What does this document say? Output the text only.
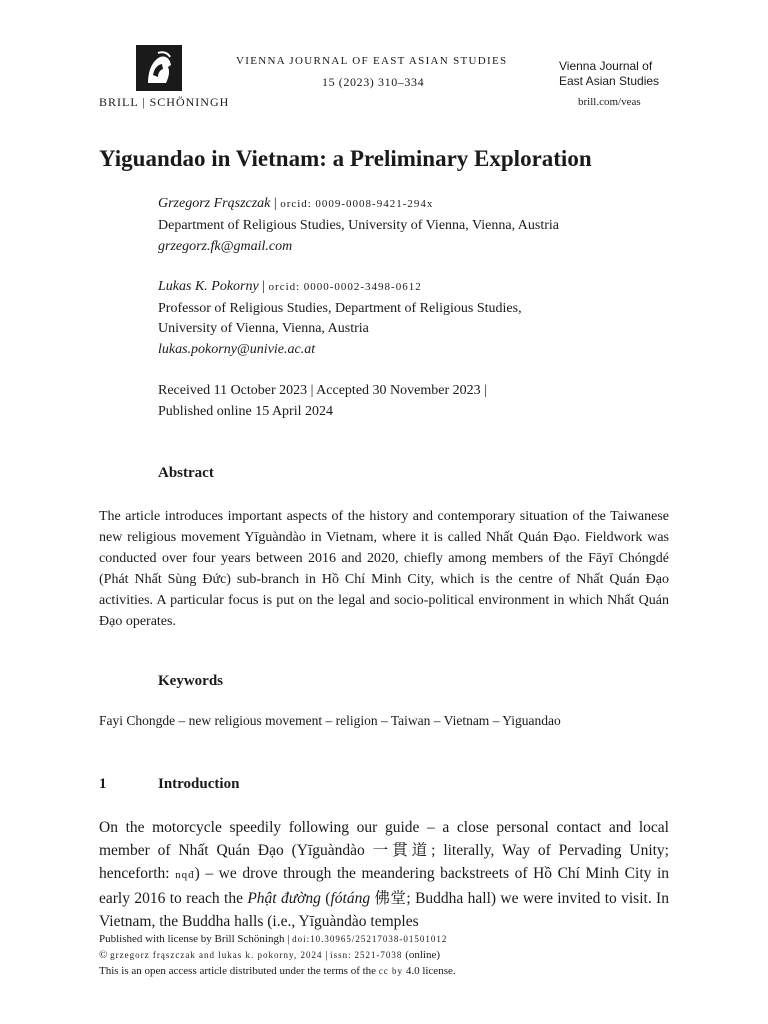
BRILL | SCHÖNINGH
VIENNA JOURNAL OF EAST ASIAN STUDIES
15 (2023) 310–334
Vienna Journal of
East Asian Studies
brill.com/veas
Yiguandao in Vietnam: a Preliminary Exploration
Grzegorz Frąszczak | orcid: 0009-0008-9421-294x
Department of Religious Studies, University of Vienna, Vienna, Austria
grzegorz.fk@gmail.com
Lukas K. Pokorny | orcid: 0000-0002-3498-0612
Professor of Religious Studies, Department of Religious Studies,
University of Vienna, Vienna, Austria
lukas.pokorny@univie.ac.at
Received 11 October 2023 | Accepted 30 November 2023 |
Published online 15 April 2024
Abstract
The article introduces important aspects of the history and contemporary situation of the Taiwanese new religious movement Yīguàndào in Vietnam, where it is called Nhất Quán Đạo. Fieldwork was conducted over four years between 2016 and 2020, chiefly among members of the Fāyī Chóngdé (Phát Nhất Sùng Đức) sub-branch in Hồ Chí Minh City, which is the centre of Nhất Quán Đạo activities. A particular focus is put on the legal and socio-political environment in which Nhất Quán Đạo operates.
Keywords
Fayi Chongde – new religious movement – religion – Taiwan – Vietnam – Yiguandao
1	Introduction
On the motorcycle speedily following our guide – a close personal contact and local member of Nhất Quán Đạo (Yīguàndào 一貫道; literally, Way of Pervading Unity; henceforth: nqđ) – we drove through the meandering backstreets of Hồ Chí Minh City in early 2016 to reach the Phật đường (fótáng 佛堂; Buddha hall) we were invited to visit. In Vietnam, the Buddha halls (i.e., Yīguàndào temples
Published with license by Brill Schöningh | doi:10.30965/25217038-01501012
© grzegorz frąszczak and lukas k. pokorny, 2024 | issn: 2521-7038 (online)
This is an open access article distributed under the terms of the cc by 4.0 license.
